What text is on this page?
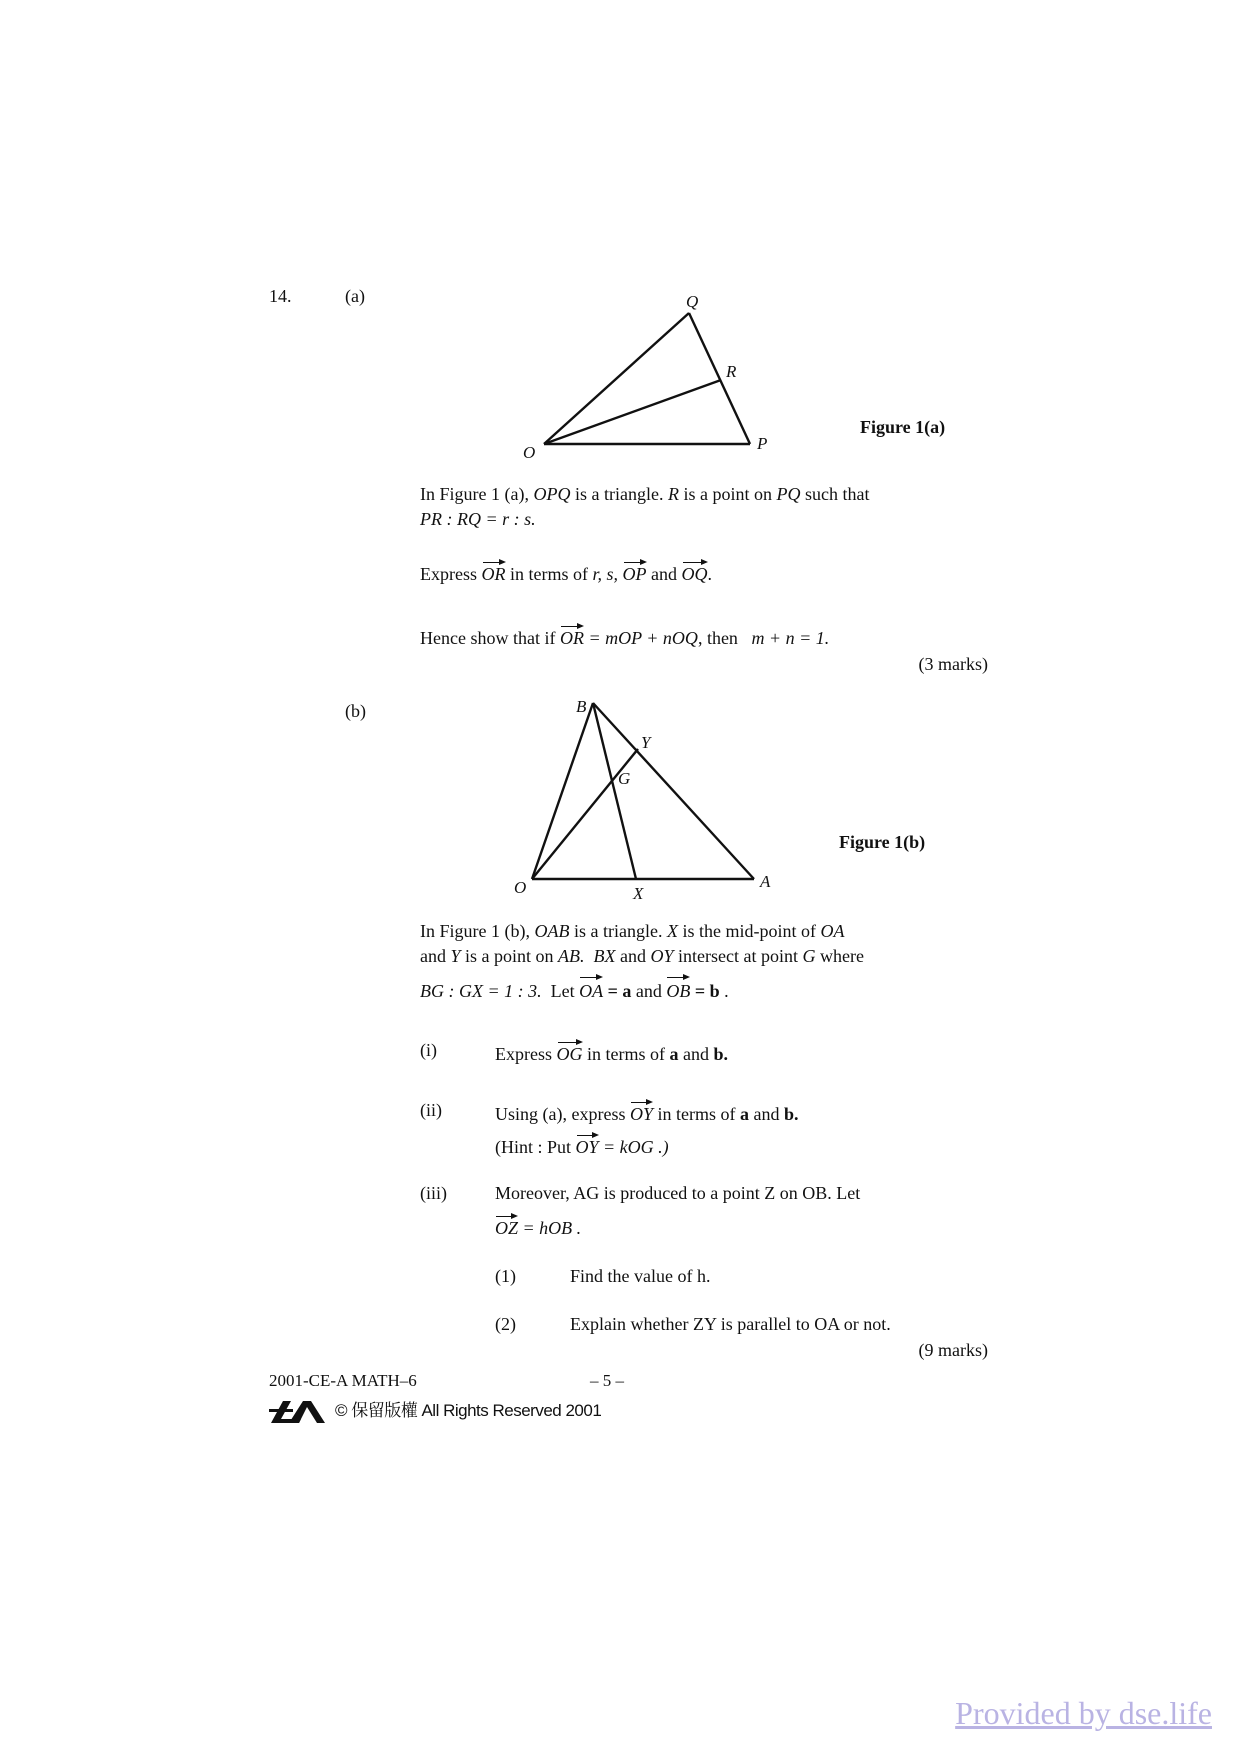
14.	(a)
O	P
Q
R
Figure 1(a)
In Figure 1 (a), OPQ is a triangle. R is a point on PQ such that
PR : RQ = r : s.
Express OR in terms of r, s, OP and OQ.
Hence show that if OR = mOP + nOQ, then m + n = 1.
(3 marks)
(b)
O	A
B
X
Y
G
Figure 1(b)
In Figure 1 (b), OAB is a triangle. X is the mid-point of OA
and Y is a point on AB. BX and OY intersect at point G where
BG : GX = 1 : 3. Let OA = a and OB = b .
(i)	Express OG in terms of a and b.
(ii)	Using (a), express OY in terms of a and b.
(Hint : Put OY = kOG .)
(iii)	Moreover, AG is produced to a point Z on OB. Let
OZ = hOB .
(1)	Find the value of h.
(2)	Explain whether ZY is parallel to OA or not.
(9 marks)
2001-CE-A MATH–6	– 5 –
© 保留版權 All Rights Reserved 2001
Provided by dse.life
